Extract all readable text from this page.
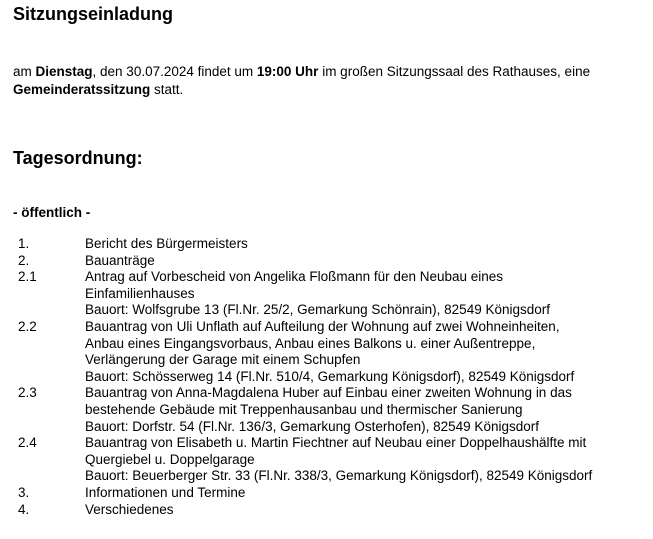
Sitzungseinladung

am Dienstag, den 30.07.2024 findet um 19:00 Uhr im großen Sitzungssaal des Rathauses, eine Gemeinderatssitzung statt.

Tagesordnung:
- öffentlich -
1.	Bericht des Bürgermeisters
2.	Bauanträge
2.1	Antrag auf Vorbescheid von Angelika Floßmann für den Neubau eines
Einfamilienhauses
Bauort: Wolfsgrube 13 (Fl.Nr. 25/2, Gemarkung Schönrain), 82549 Königsdorf
2.2	Bauantrag von Uli Unflath auf Aufteilung der Wohnung auf zwei Wohneinheiten,
Anbau eines Eingangsvorbaus, Anbau eines Balkons u. einer Außentreppe,
Verlängerung der Garage mit einem Schupfen
Bauort: Schösserweg 14 (Fl.Nr. 510/4, Gemarkung Königsdorf), 82549 Königsdorf
2.3	Bauantrag von Anna-Magdalena Huber auf Einbau einer zweiten Wohnung in das
bestehende Gebäude mit Treppenhausanbau und thermischer Sanierung
Bauort: Dorfstr. 54 (Fl.Nr. 136/3, Gemarkung Osterhofen), 82549 Königsdorf
2.4	Bauantrag von Elisabeth u. Martin Fiechtner auf Neubau einer Doppelhaushälfte mit
Quergiebel u. Doppelgarage
Bauort: Beuerberger Str. 33 (Fl.Nr. 338/3, Gemarkung Königsdorf), 82549 Königsdorf
3.	Informationen und Termine
4.	Verschiedenes
